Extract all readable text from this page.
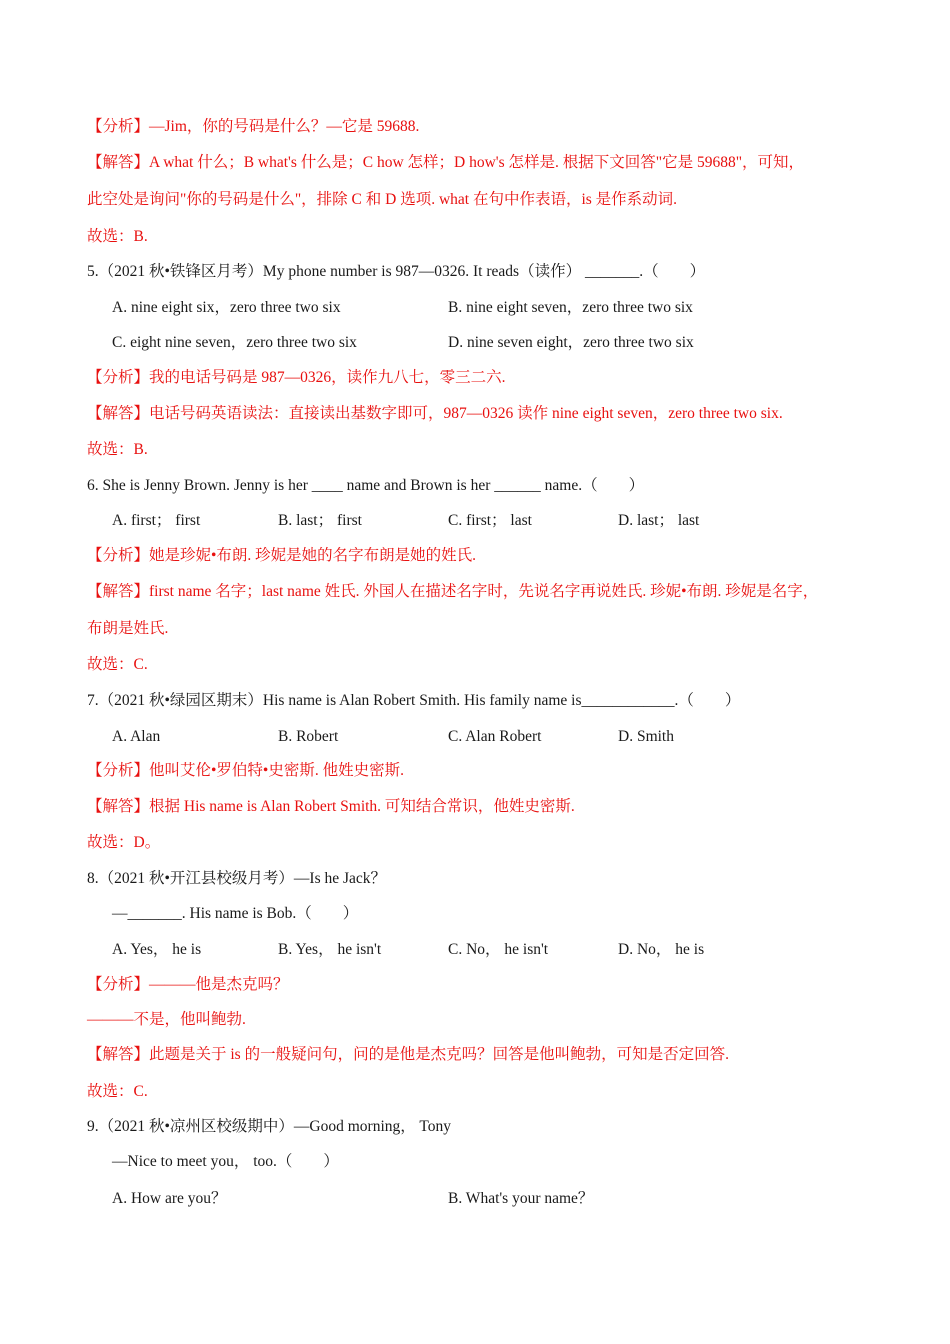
【分析】—Jim，你的号码是什么？—它是 59688.
【解答】A what 什么；B what's 什么是；C how 怎样；D how's 怎样是. 根据下文回答"它是 59688"，可知，
此空处是询问"你的号码是什么"，排除 C 和 D 选项. what 在句中作表语，is 是作系动词.
故选：B.
5.（2021 秋•铁锋区月考）My phone number is 987—0326. It reads（读作） _______.（　　）
A. nine eight six，zero three two six	B. nine eight seven，zero three two six
C. eight nine seven，zero three two six	D. nine seven eight，zero three two six
【分析】我的电话号码是 987—0326，读作九八七，零三二六.
【解答】电话号码英语读法：直接读出基数字即可，987—0326 读作 nine eight seven，zero three two six.
故选：B.
6. She is Jenny Brown. Jenny is her ____ name and Brown is her ______ name.（　　）
A. first； first	B. last； first	C. first； last	D. last； last
【分析】她是珍妮•布朗. 珍妮是她的名字布朗是她的姓氏.
【解答】first name 名字；last name 姓氏. 外国人在描述名字时，先说名字再说姓氏. 珍妮•布朗. 珍妮是名字，
布朗是姓氏.
故选：C.
7.（2021 秋•绿园区期末）His name is Alan Robert Smith. His family name is____________.（　　）
A. Alan	B. Robert	C. Alan Robert	D. Smith
【分析】他叫艾伦•罗伯特•史密斯. 他姓史密斯.
【解答】根据 His name is Alan Robert Smith. 可知结合常识，他姓史密斯.
故选：D。
8.（2021 秋•开江县校级月考）—Is he Jack？
—_______. His name is Bob.（　　）
A. Yes， he is	B. Yes， he isn't	C. No， he isn't	D. No， he is
【分析】———他是杰克吗？
———不是，他叫鲍勃.
【解答】此题是关于 is 的一般疑问句，问的是他是杰克吗？回答是他叫鲍勃，可知是否定回答.
故选：C.
9.（2021 秋•凉州区校级期中）—Good morning， Tony
—Nice to meet you， too.（　　）
A. How are you？	B. What's your name？
